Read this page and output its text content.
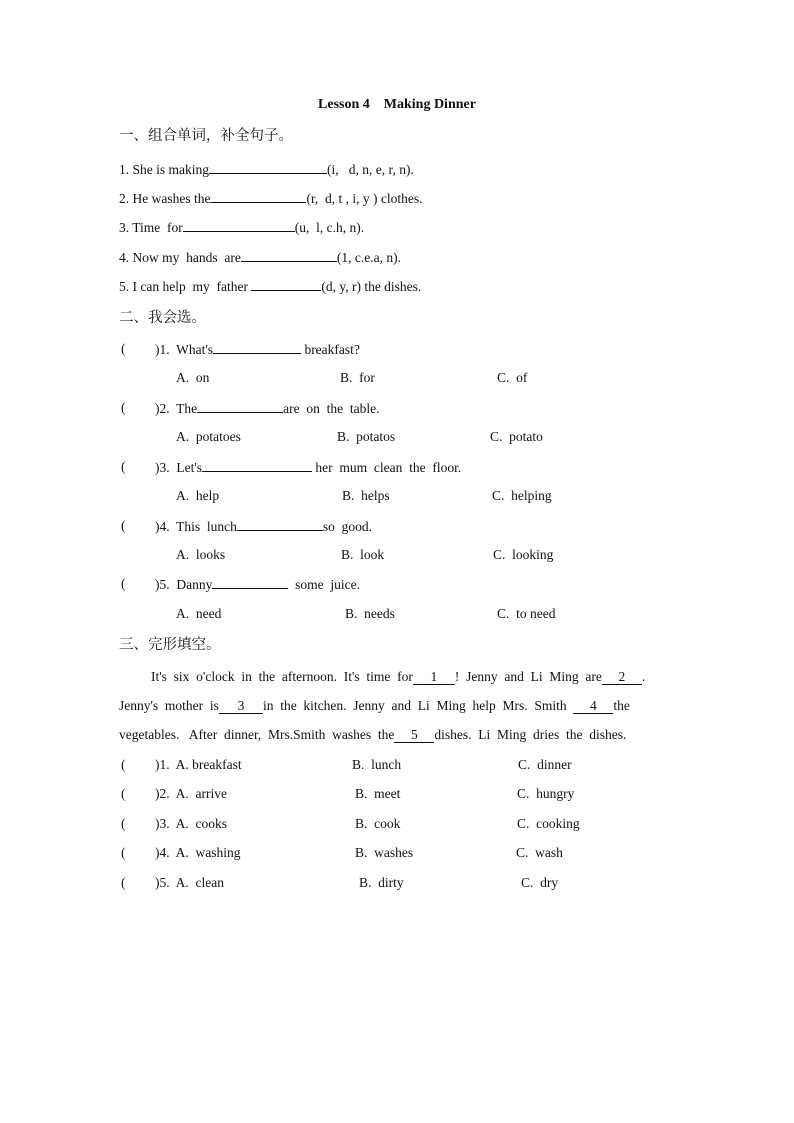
Lesson 4    Making Dinner
一、组合单词，补全句子。
1. She is making	(i,   d, n, e, r, n).
2. He washes the	(r,  d, t , i, y ) clothes.
3. Time  for	(u,  l, c.h, n).
4. Now my  hands  are	(1, c.e.a, n).
5. I can help  my  father	(d, y, r) the dishes.
二、我会选。
( )1.  What's	breakfast?
A.  on	B.  for	C.  of
( )2.  The	are  on  the  table.
A.  potatoes	B.  potatos	C.  potato
( )3.  Let's	her  mum  clean  the  floor.
A.  help	B.  helps	C.  helping
( )4.  This  lunch	so  good.
A.  looks	B.  look	C.  looking
( )5.  Danny	some  juice.
A.  need	B.  needs	C.  to need
三、完形填空。
It's  six  o'clock  in  the  afternoon.  It's  time  for 1 !  Jenny  and  Li  Ming  are 2 .
Jenny's  mother  is 3 in  the  kitchen.  Jenny  and  Li  Ming  help  Mrs.  Smith  4 the
vegetables.   After  dinner,  Mrs.Smith  washes  the 5 dishes.  Li  Ming  dries  the  dishes.
( )1.  A. breakfast	B.  lunch	C.  dinner
( )2.  A.  arrive	B.  meet	C.  hungry
( )3.  A.  cooks	B.  cook	C.  cooking
( )4.  A.  washing	B.  washes	C.  wash
( )5.  A.  clean	B.  dirty	C.  dry
